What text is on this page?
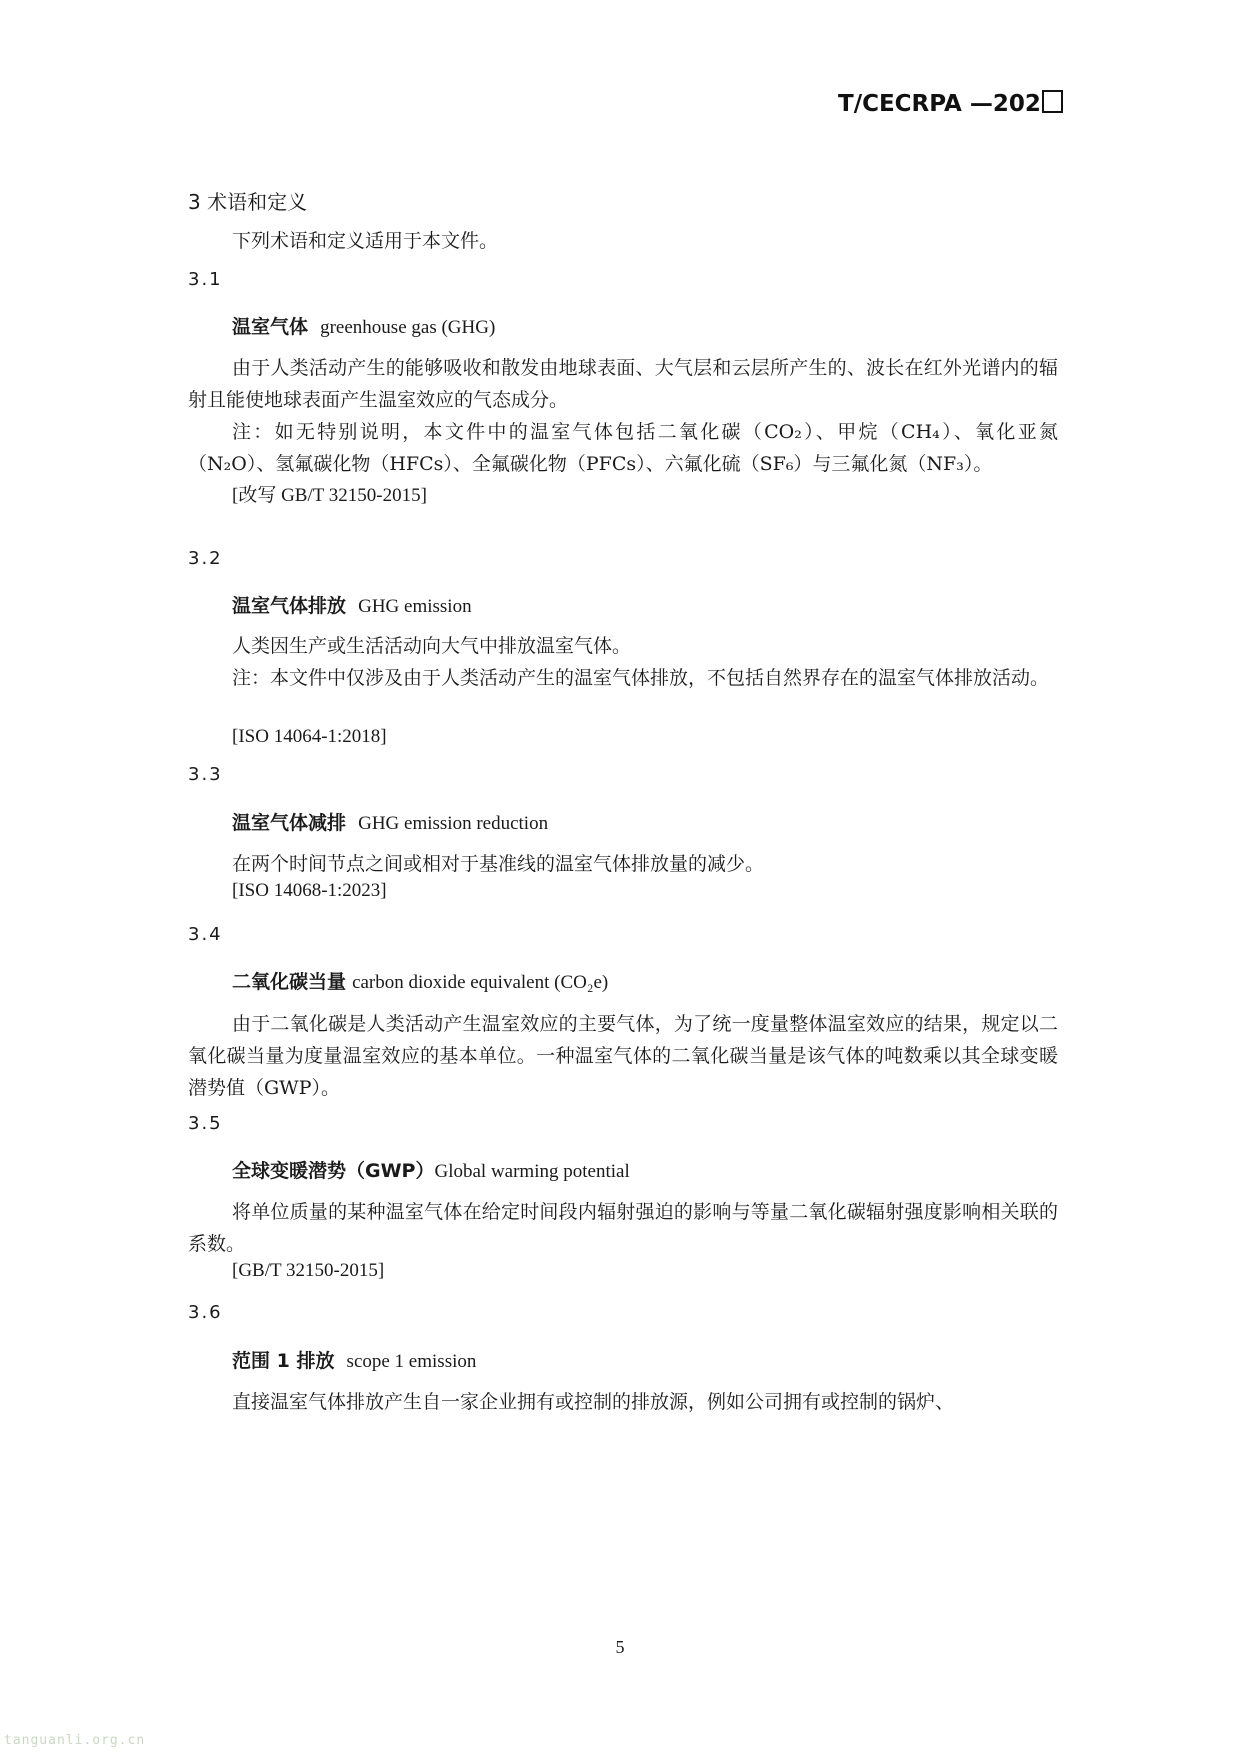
T/CECRPA —202
3 术语和定义
下列术语和定义适用于本文件。
3.1
温室气体 greenhouse gas (GHG)
由于人类活动产生的能够吸收和散发由地球表面、大气层和云层所产生的、波长在红外光谱内的辐射且能使地球表面产生温室效应的气态成分。
注：如无特别说明，本文件中的温室气体包括二氧化碳（CO₂）、甲烷（CH₄）、氧化亚氮（N₂O）、氢氟碳化物（HFCs）、全氟碳化物（PFCs）、六氟化硫（SF₆）与三氟化氮（NF₃）。
[改写 GB/T 32150-2015]
3.2
温室气体排放 GHG emission
人类因生产或生活活动向大气中排放温室气体。
注：本文件中仅涉及由于人类活动产生的温室气体排放，不包括自然界存在的温室气体排放活动。
[ISO 14064-1:2018]
3.3
温室气体减排 GHG emission reduction
在两个时间节点之间或相对于基准线的温室气体排放量的减少。
[ISO 14068-1:2023]
3.4
二氧化碳当量 carbon dioxide equivalent (CO₂e)
由于二氧化碳是人类活动产生温室效应的主要气体，为了统一度量整体温室效应的结果，规定以二氧化碳当量为度量温室效应的基本单位。一种温室气体的二氧化碳当量是该气体的吨数乘以其全球变暖潜势值（GWP）。
3.5
全球变暖潜势（GWP）Global warming potential
将单位质量的某种温室气体在给定时间段内辐射强迫的影响与等量二氧化碳辐射强度影响相关联的系数。
[GB/T 32150-2015]
3.6
范围 1 排放 scope 1 emission
直接温室气体排放产生自一家企业拥有或控制的排放源，例如公司拥有或控制的锅炉、
5
tanguanli.org.cn
